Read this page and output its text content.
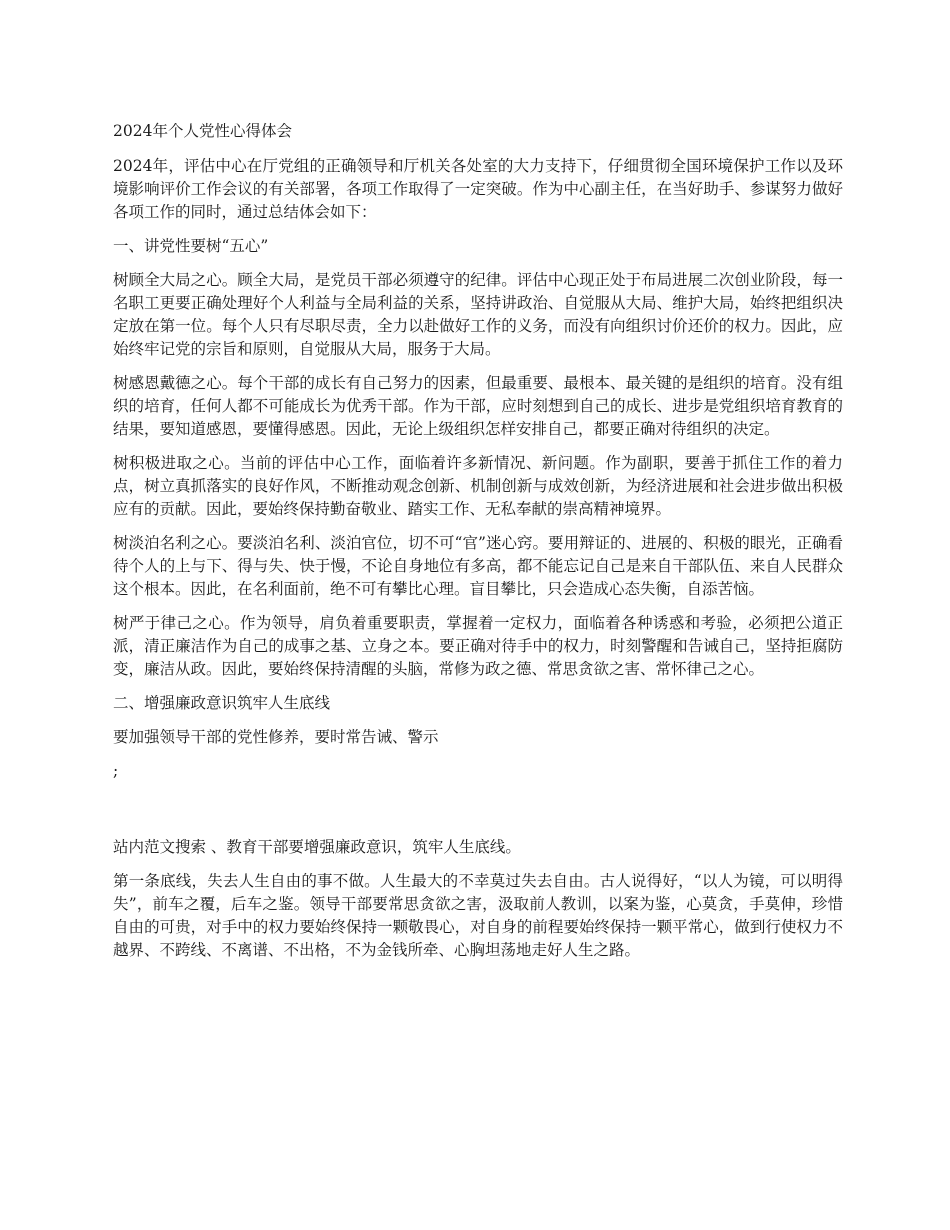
2024年个人党性心得体会

2024年，评估中心在厅党组的正确领导和厅机关各处室的大力支持下，仔细贯彻全国环境保护工作以及环境影响评价工作会议的有关部署，各项工作取得了一定突破。作为中心副主任，在当好助手、参谋努力做好各项工作的同时，通过总结体会如下：

一、讲党性要树“五心”

树顾全大局之心。顾全大局，是党员干部必须遵守的纪律。评估中心现正处于布局进展二次创业阶段，每一名职工更要正确处理好个人利益与全局利益的关系，坚持讲政治、自觉服从大局、维护大局，始终把组织决定放在第一位。每个人只有尽职尽责，全力以赴做好工作的义务，而没有向组织讨价还价的权力。因此，应始终牢记党的宗旨和原则，自觉服从大局，服务于大局。

树感恩戴德之心。每个干部的成长有自己努力的因素，但最重要、最根本、最关键的是组织的培育。没有组织的培育，任何人都不可能成长为优秀干部。作为干部，应时刻想到自己的成长、进步是党组织培育教育的结果，要知道感恩，要懂得感恩。因此，无论上级组织怎样安排自己，都要正确对待组织的决定。

树积极进取之心。当前的评估中心工作，面临着许多新情况、新问题。作为副职，要善于抓住工作的着力点，树立真抓落实的良好作风，不断推动观念创新、机制创新与成效创新，为经济进展和社会进步做出积极应有的贡献。因此，要始终保持勤奋敬业、踏实工作、无私奉献的崇高精神境界。

树淡泊名利之心。要淡泊名利、淡泊官位，切不可“官”迷心窍。要用辩证的、进展的、积极的眼光，正确看待个人的上与下、得与失、快于慢，不论自身地位有多高，都不能忘记自己是来自干部队伍、来自人民群众这个根本。因此，在名利面前，绝不可有攀比心理。盲目攀比，只会造成心态失衡，自添苦恼。

树严于律己之心。作为领导，肩负着重要职责，掌握着一定权力，面临着各种诱惑和考验，必须把公道正派，清正廉洁作为自己的成事之基、立身之本。要正确对待手中的权力，时刻警醒和告诫自己，坚持拒腐防变，廉洁从政。因此，要始终保持清醒的头脑，常修为政之德、常思贪欲之害、常怀律己之心。

二、增强廉政意识筑牢人生底线

要加强领导干部的党性修养，要时常告诫、警示

;

站内范文搜索 、教育干部要增强廉政意识，筑牢人生底线。

第一条底线，失去人生自由的事不做。人生最大的不幸莫过失去自由。古人说得好，“以人为镜，可以明得失”，前车之覆，后车之鉴。领导干部要常思贪欲之害，汲取前人教训，以案为鉴，心莫贪，手莫伸，珍惜自由的可贵，对手中的权力要始终保持一颗敬畏心，对自身的前程要始终保持一颗平常心，做到行使权力不越界、不跨线、不离谱、不出格，不为金钱所牵、心胸坦荡地走好人生之路。
